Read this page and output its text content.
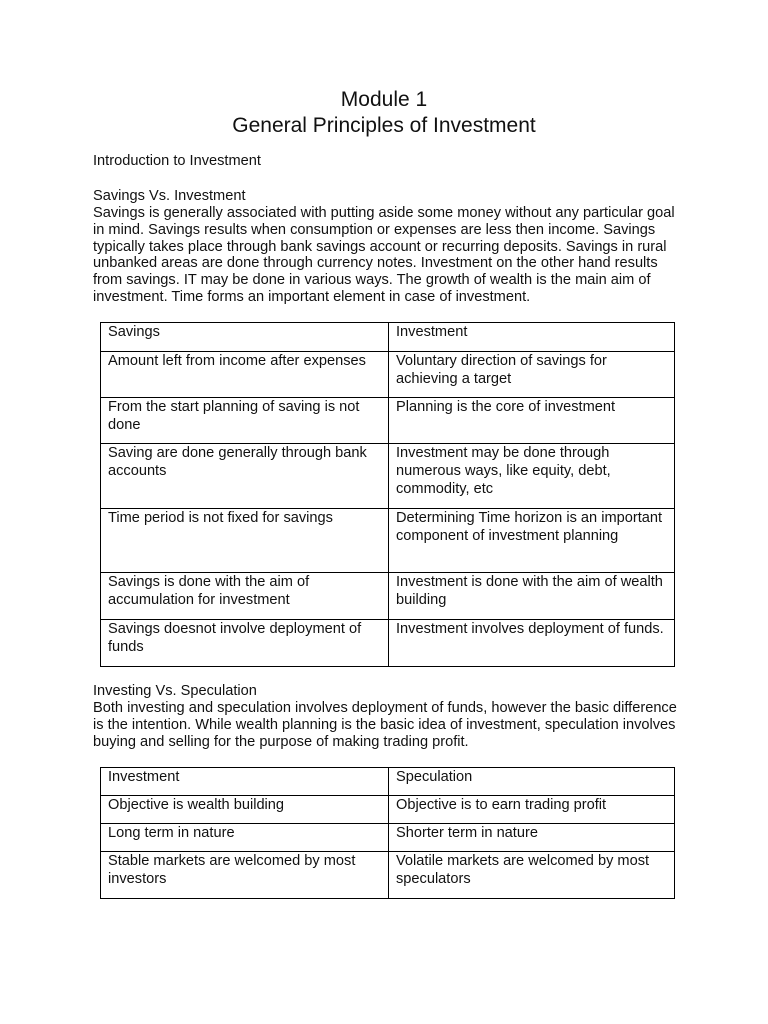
Module 1
General Principles of Investment

Introduction to Investment

Savings Vs. Investment

Savings is generally associated with putting aside some money without any particular goal in mind. Savings results when consumption or expenses are less then income. Savings typically takes place through bank savings account or recurring deposits. Savings in rural unbanked areas are done through currency notes. Investment on the other hand results from savings. IT may be done in various ways. The growth of wealth is the main aim of investment. Time forms an important element in case of investment.

Savings	Investment
Amount left from income after expenses	Voluntary direction of savings for achieving a target
From the start planning of saving is not done	Planning is the core of investment
Saving are done generally through bank accounts	Investment may be done through numerous ways, like equity, debt, commodity, etc
Time period is not fixed for savings	Determining Time horizon is an important component of investment planning
Savings is done with the aim of accumulation for investment	Investment is done with the aim of wealth building
Savings doesnot involve deployment of funds	Investment involves deployment of funds.

Investing Vs. Speculation

Both investing and speculation involves deployment of funds, however the basic difference is the intention. While wealth planning is the basic idea of investment, speculation involves buying and selling for the purpose of making trading profit.

Investment	Speculation
Objective is wealth building	Objective is to earn trading profit
Long term in nature	Shorter term in nature
Stable markets are welcomed by most investors	Volatile markets are welcomed by most speculators
